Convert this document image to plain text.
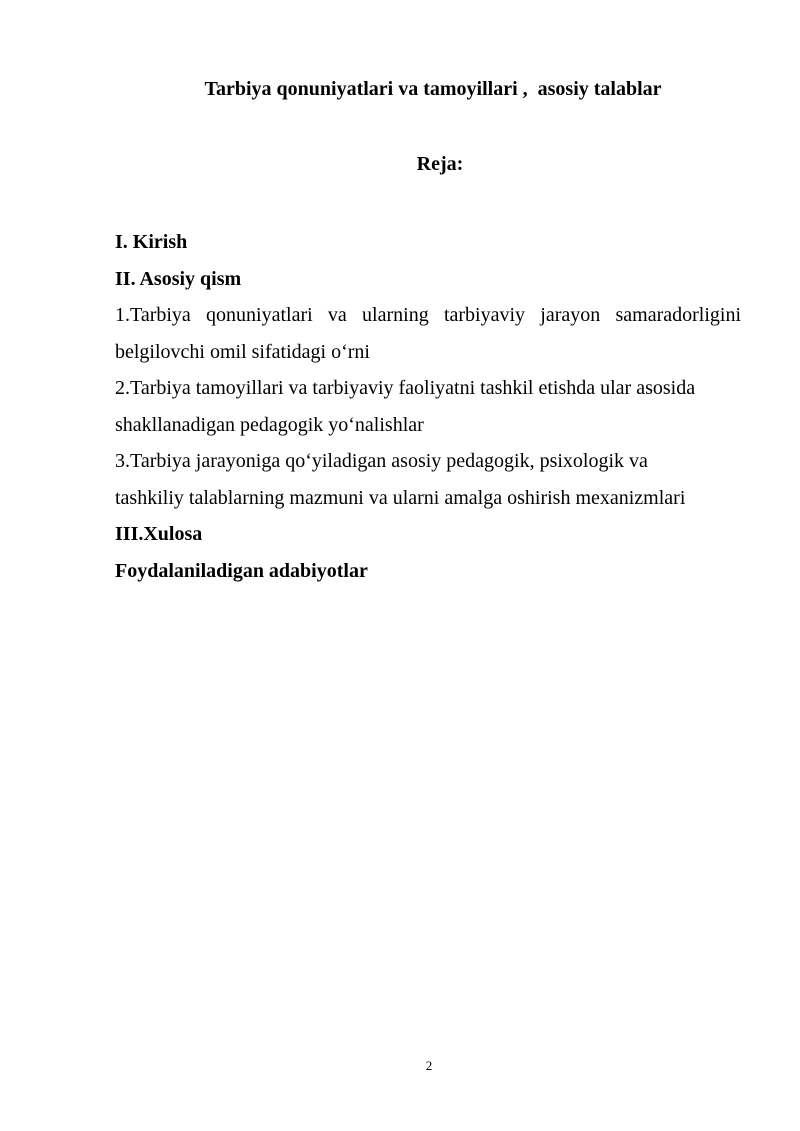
Tarbiya qonuniyatlari va tamoyillari ,  asosiy talablar
Reja:
I. Kirish
II. Asosiy qism
1.Tarbiya qonuniyatlari va ularning tarbiyaviy jarayon samaradorligini
belgilovchi omil sifatidagi o‘rni
2.Tarbiya tamoyillari va tarbiyaviy faoliyatni tashkil etishda ular asosida
shakllanadigan pedagogik yo‘nalishlar
3.Tarbiya jarayoniga qo‘yiladigan asosiy pedagogik, psixologik va
tashkiliy talablarning mazmuni va ularni amalga oshirish mexanizmlari
III.Xulosa
Foydalaniladigan adabiyotlar
2
